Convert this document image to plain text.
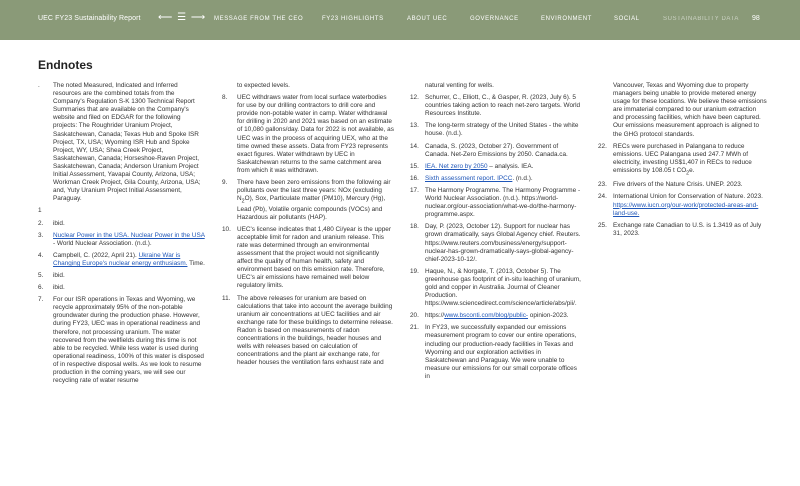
UEC FY23 Sustainability Report ⟵ ☰ ⟶ MESSAGE FROM THE CEO	FY23 HIGHLIGHTS	ABOUT UEC	GOVERNANCE	ENVIRONMENT	SOCIAL	SUSTAINABILITY DATA 98
Endnotes
. The noted Measured, Indicated and Inferred resources are the combined totals from the Company's Regulation S-K 1300 Technical Report Summaries that are available on the Company's website and filed on EDGAR for the following projects: The Roughrider Uranium Project, Saskatchewan, Canada; Texas Hub and Spoke ISR Project, TX, USA; Wyoming ISR Hub and Spoke Project, WY, USA; Shea Creek Project, Saskatchewan, Canada; Horseshoe-Raven Project, Saskatchewan, Canada; Anderson Uranium Project Initial Assessment, Yavapai County, Arizona, USA; Workman Creek Project, Gila County, Arizona, USA; and, Yuty Uranium Project Initial Assessment, Paraguay.
1

2. ibid.
3. Nuclear Power in the USA. Nuclear Power in the USA - World Nuclear Association. (n.d.).
4. Campbell, C. (2022, April 21). Ukraine War is Changing Europe's nuclear energy enthusiasm. Time.
5. ibid.
6. ibid.
7. For our ISR operations in Texas and Wyoming, we recycle approximately 95% of the non-potable groundwater during the production phase. However, during FY23, UEC was in operational readiness and therefore, not processing uranium. The water recovered from the wellfields during this time is not able to be recycled. While less water is used during operational readiness, 100% of this water is disposed of in respective disposal wells. As we look to resume production in the coming years, we will see our recycling rate of water resume
to expected levels.
8. UEC withdraws water from local surface waterbodies for use by our drilling contractors to drill core and provide non-potable water in camp. Water withdrawal for drilling in 2020 and 2021 was based on an estimate of 10,080 gallons/day. Data for 2022 is not available, as UEC was in the process of acquiring UEX, who at the time owned these assets. Data from FY23 represents exact figures. Water withdrawn by UEC in Saskatchewan returns to the same catchment area from which it was withdrawn.
9. There have been zero emissions from the following air pollutants over the last three years: NOx (excluding $N_2O$), Sox, Particulate matter (PM10), Mercury (Hg), Lead (Pb), Volatile organic compounds (VOCs) and Hazardous air pollutants (HAP).
10. UEC's license indicates that 1,480 Ci/year is the upper acceptable limit for radon and uranium release. This rate was determined through an environmental assessment that the project would not significantly affect the quality of human health, safety and environment based on this emission rate. Therefore, UEC's air emissions have remained well below regulatory limits.
11. The above releases for uranium are based on calculations that take into account the average building uranium air concentrations at UEC facilities and air exchange rate for these buildings to determine release. Radon is based on measurements of radon concentrations in the buildings, header houses and wells with releases based on calculation of concentrations and the plant air exchange rate, for header houses the ventilation fans exhaust rate and
natural venting for wells.
12. Schurrer, C., Elliott, C., & Gasper, R. (2023, July 6). 5 countries taking action to reach net-zero targets. World Resources Institute.
13. The long-term strategy of the United States - the white house. (n.d.).
14. Canada, S. (2023, October 27). Government of Canada. Net-Zero Emissions by 2050. Canada.ca.
15. IEA. Net zero by 2050 – analysis. IEA.
16. Sixth assessment report. IPCC. (n.d.).
17. The Harmony Programme. The Harmony Programme - World Nuclear Association. (n.d.). https://world-nuclear.org/our-association/what-we-do/the-harmony-programme.aspx.
18. Day, P. (2023, October 12). Support for nuclear has grown dramatically, says Global Agency chief. Reuters. https://www.reuters.com/business/energy/support-nuclear-has-grown-dramatically-says-global-agency-chief-2023-10-12/.
19. Haque, N., & Norgate, T. (2013, October 5). The greenhouse gas footprint of in-situ leaching of uranium, gold and copper in Australia. Journal of Cleaner Production. https://www.sciencedirect.com/science/article/abs/pii/.
20. https://www.bsconti.com/blog/public- opinion-2023.
21. In FY23, we successfully expanded our emissions measurement program to cover our entire operations, including our production-ready facilities in Texas and Wyoming and our exploration activities in Saskatchewan and Paraguay. We were unable to measure our emissions for our small corporate offices in
Vancouver, Texas and Wyoming due to property managers being unable to provide metered energy usage for these locations. We believe these emissions are immaterial compared to our uranium extraction and processing facilities, which have been captured. Our emissions measurement approach is aligned to the GHG protocol standards.
22. RECs were purchased in Palangana to reduce emissions. UEC Palangana used 247.7 MWh of electricity, investing US$1,407 in RECs to reduce emissions by 108.05 t $CO_2e$.
23. Five drivers of the Nature Crisis. UNEP. 2023.
24. International Union for Conservation of Nature. 2023. https://www.iucn.org/our-work/protected-areas-and-land-use.
25. Exchange rate Canadian to U.S. is 1.3419 as of July 31, 2023.
